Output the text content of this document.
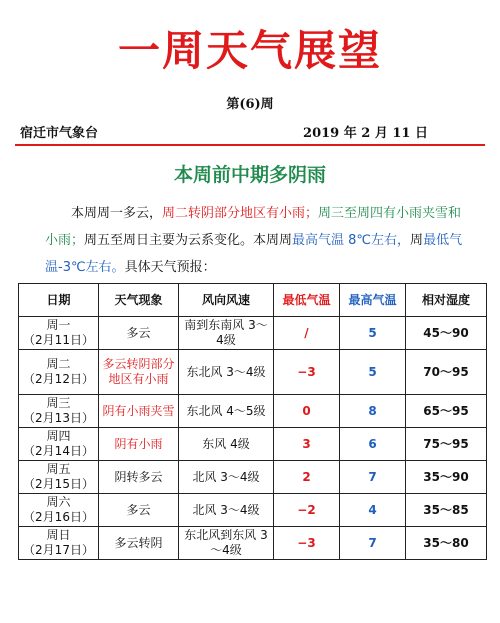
一周天气展望
第(6)周
宿迁市气象台	2019 年 2 月 11 日
本周前中期多阴雨
本周周一多云，周二转阴部分地区有小雨；周三至周四有小雨夹雪和小雨；周五至周日主要为云系变化。本周周最高气温 8℃左右，周最低气温-3℃左右。具体天气预报：
日期	天气现象	风向风速	最低气温	最高气温	相对湿度

周一
（2月11日）	多云	南到东南风 3～4级	/	5	45～90

周二
（2月12日）	多云转阴部分地区有小雨	东北风 3～4级	−3	5	70～95

周三
（2月13日）	阴有小雨夹雪	东北风 4～5级	0	8	65～95

周四
（2月14日）	阴有小雨	东风 4级	3	6	75～95

周五
（2月15日）	阴转多云	北风 3～4级	2	7	35～90

周六
（2月16日）	多云	北风 3～4级	−2	4	35～85

周日
（2月17日）	多云转阴	东北风到东风 3～4级	−3	7	35～80
